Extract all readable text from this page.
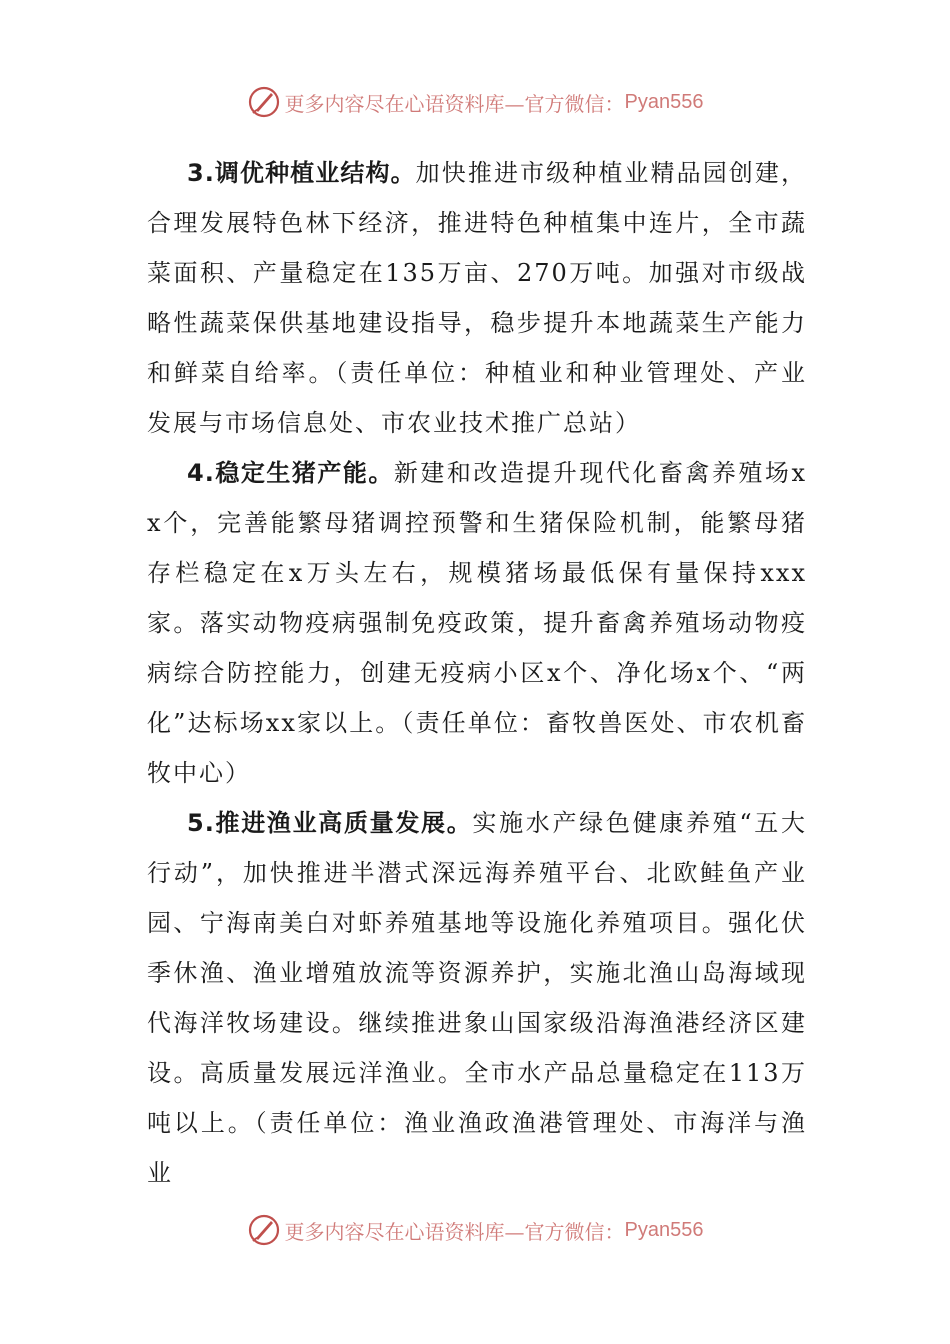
更多内容尽在心语资料库—官方微信： Pyan556

3.调优种植业结构。加快推进市级种植业精品园创建，合理发展特色林下经济，推进特色种植集中连片，全市蔬菜面积、产量稳定在135万亩、270万吨。加强对市级战略性蔬菜保供基地建设指导，稳步提升本地蔬菜生产能力和鲜菜自给率。（责任单位：种植业和种业管理处、产业发展与市场信息处、市农业技术推广总站）

4.稳定生猪产能。新建和改造提升现代化畜禽养殖场xx个，完善能繁母猪调控预警和生猪保险机制，能繁母猪存栏稳定在x万头左右，规模猪场最低保有量保持xxx家。落实动物疫病强制免疫政策，提升畜禽养殖场动物疫病综合防控能力，创建无疫病小区x个、净化场x个、“两化”达标场xx家以上。（责任单位：畜牧兽医处、市农机畜牧中心）

5.推进渔业高质量发展。实施水产绿色健康养殖“五大行动”，加快推进半潜式深远海养殖平台、北欧鲑鱼产业园、宁海南美白对虾养殖基地等设施化养殖项目。强化伏季休渔、渔业增殖放流等资源养护，实施北渔山岛海域现代海洋牧场建设。继续推进象山国家级沿海渔港经济区建设。高质量发展远洋渔业。全市水产品总量稳定在113万吨以上。（责任单位：渔业渔政渔港管理处、市海洋与渔业

更多内容尽在心语资料库—官方微信： Pyan556
